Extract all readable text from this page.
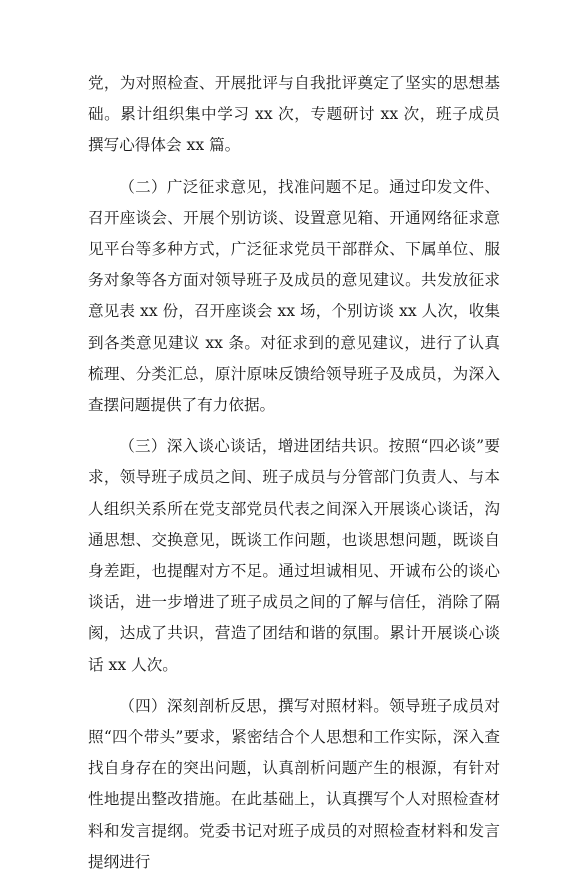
党，为对照检查、开展批评与自我批评奠定了坚实的思想基础。累计组织集中学习 xx 次，专题研讨 xx 次，班子成员撰写心得体会 xx 篇。

（二）广泛征求意见，找准问题不足。通过印发文件、召开座谈会、开展个别访谈、设置意见箱、开通网络征求意见平台等多种方式，广泛征求党员干部群众、下属单位、服务对象等各方面对领导班子及成员的意见建议。共发放征求意见表 xx 份，召开座谈会 xx 场，个别访谈 xx 人次，收集到各类意见建议 xx 条。对征求到的意见建议，进行了认真梳理、分类汇总，原汁原味反馈给领导班子及成员，为深入查摆问题提供了有力依据。

（三）深入谈心谈话，增进团结共识。按照“四必谈”要求，领导班子成员之间、班子成员与分管部门负责人、与本人组织关系所在党支部党员代表之间深入开展谈心谈话，沟通思想、交换意见，既谈工作问题，也谈思想问题，既谈自身差距，也提醒对方不足。通过坦诚相见、开诚布公的谈心谈话，进一步增进了班子成员之间的了解与信任，消除了隔阂，达成了共识，营造了团结和谐的氛围。累计开展谈心谈话 xx 人次。

（四）深刻剖析反思，撰写对照材料。领导班子成员对照“四个带头”要求，紧密结合个人思想和工作实际，深入查找自身存在的突出问题，认真剖析问题产生的根源，有针对性地提出整改措施。在此基础上，认真撰写个人对照检查材料和发言提纲。党委书记对班子成员的对照检查材料和发言提纲进行
